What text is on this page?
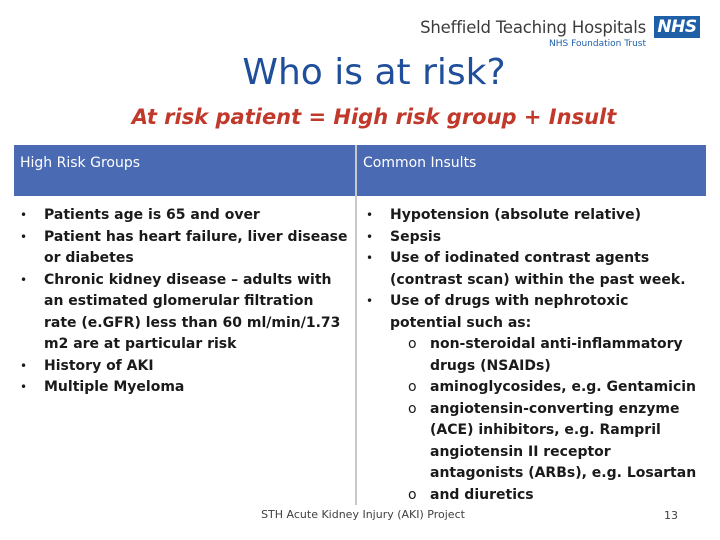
Sheffield Teaching Hospitals NHS
NHS Foundation Trust
Who is at risk?
At risk patient = High risk group + Insult
High Risk Groups	Common Insults
• Patients age is 65 and over
• Patient has heart failure, liver disease or diabetes
• Chronic kidney disease – adults with an estimated glomerular filtration rate (e.GFR) less than 60 ml/min/1.73 m2 are at particular risk
• History of AKI
• Multiple Myeloma
• Hypotension (absolute relative)
• Sepsis
• Use of iodinated contrast agents (contrast scan) within the past week.
• Use of drugs with nephrotoxic potential such as:
o non-steroidal anti-inflammatory drugs (NSAIDs)
o aminoglycosides, e.g. Gentamicin
o angiotensin-converting enzyme (ACE) inhibitors, e.g. Rampril angiotensin II receptor antagonists (ARBs), e.g. Losartan
o and diuretics
STH Acute Kidney Injury (AKI) Project	13
